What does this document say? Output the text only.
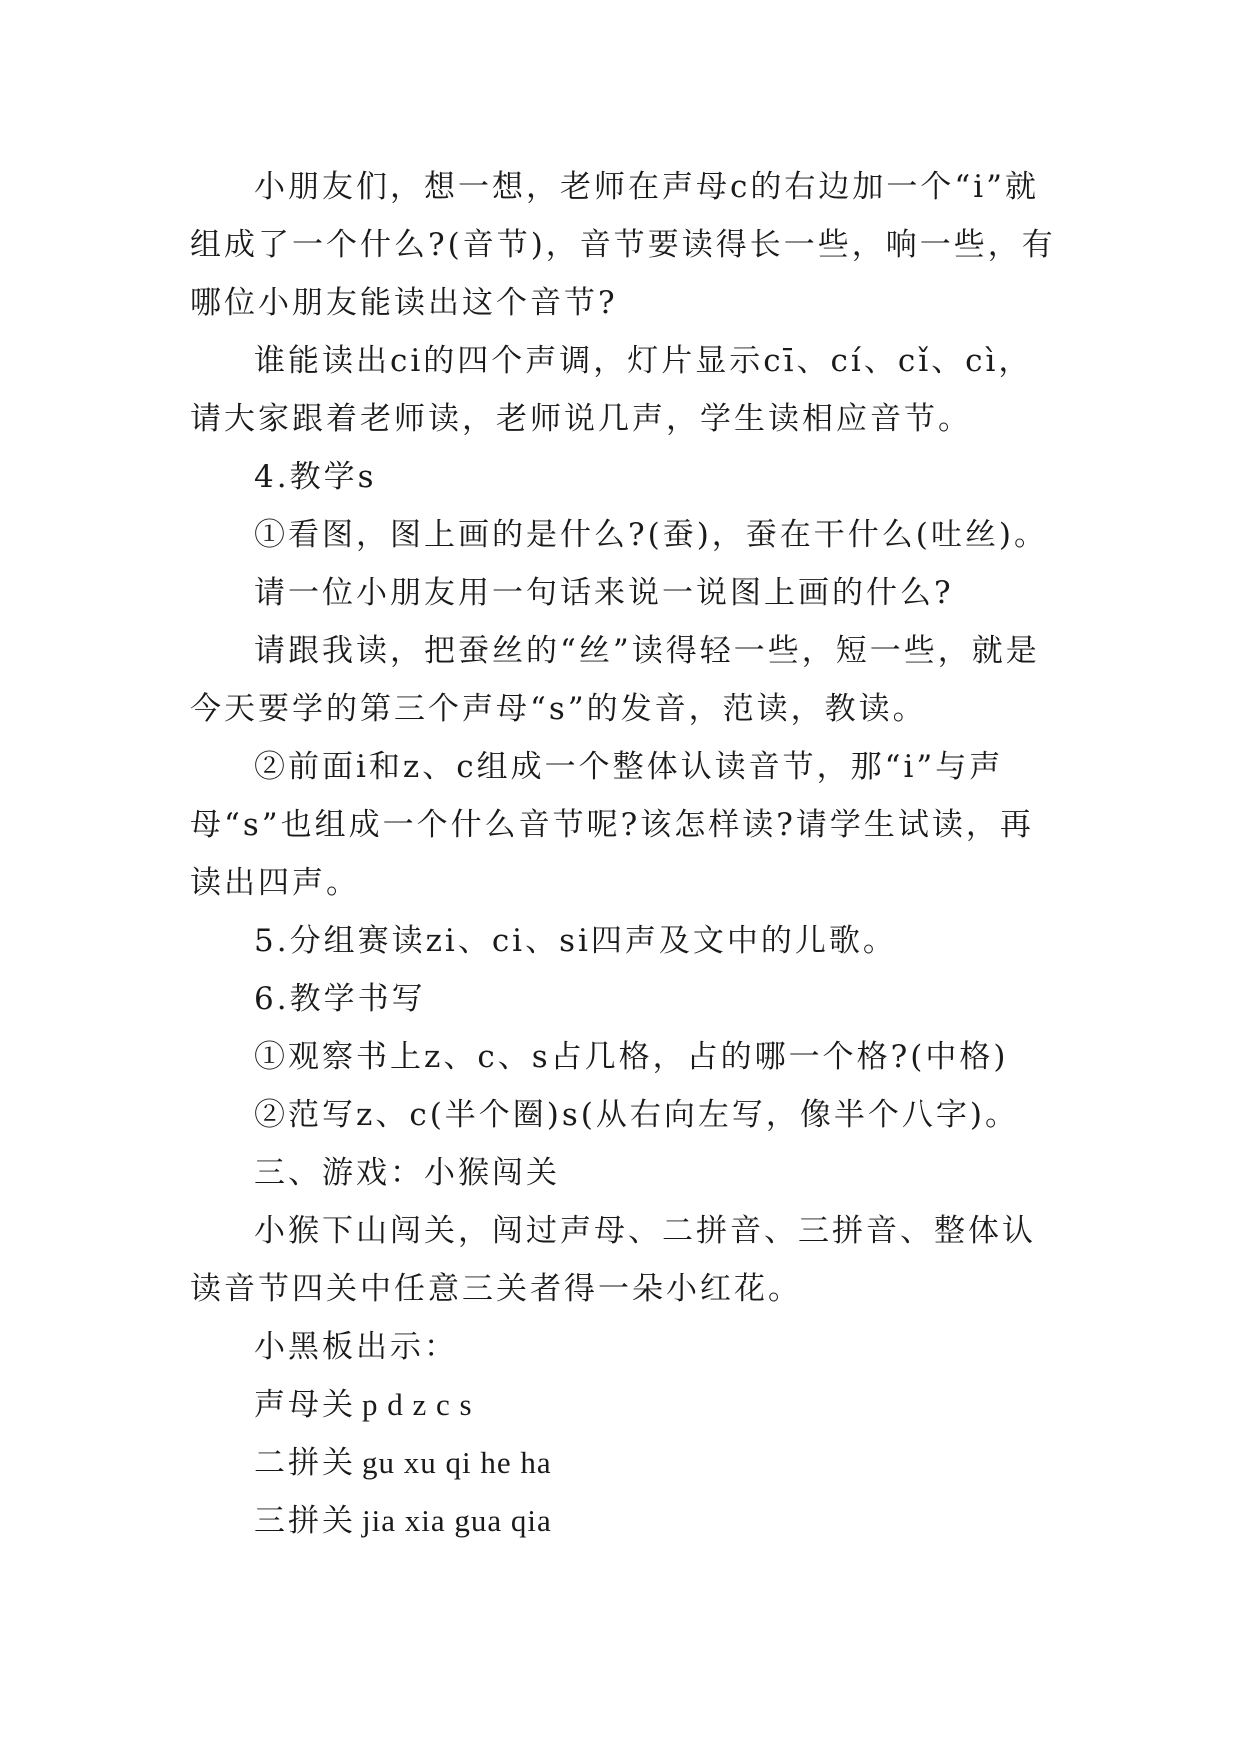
小朋友们，想一想，老师在声母c的右边加一个“i”就组成了一个什么?(音节)，音节要读得长一些，响一些，有哪位小朋友能读出这个音节?

谁能读出ci的四个声调，灯片显示cī、cí、cǐ、cì，请大家跟着老师读，老师说几声，学生读相应音节。

4.教学s

①看图，图上画的是什么?(蚕)，蚕在干什么(吐丝)。

请一位小朋友用一句话来说一说图上画的什么?

请跟我读，把蚕丝的“丝”读得轻一些，短一些，就是今天要学的第三个声母“s”的发音，范读，教读。

②前面i和z、c组成一个整体认读音节，那“i”与声母“s”也组成一个什么音节呢?该怎样读?请学生试读，再读出四声。

5.分组赛读zi、ci、si四声及文中的儿歌。

6.教学书写

①观察书上z、c、s占几格，占的哪一个格?(中格)

②范写z、c(半个圈)s(从右向左写，像半个八字)。

三、游戏：小猴闯关

小猴下山闯关，闯过声母、二拼音、三拼音、整体认读音节四关中任意三关者得一朵小红花。

小黑板出示：

声母关 p d z c s

二拼关 gu xu qi he ha

三拼关 jia xia gua qia
